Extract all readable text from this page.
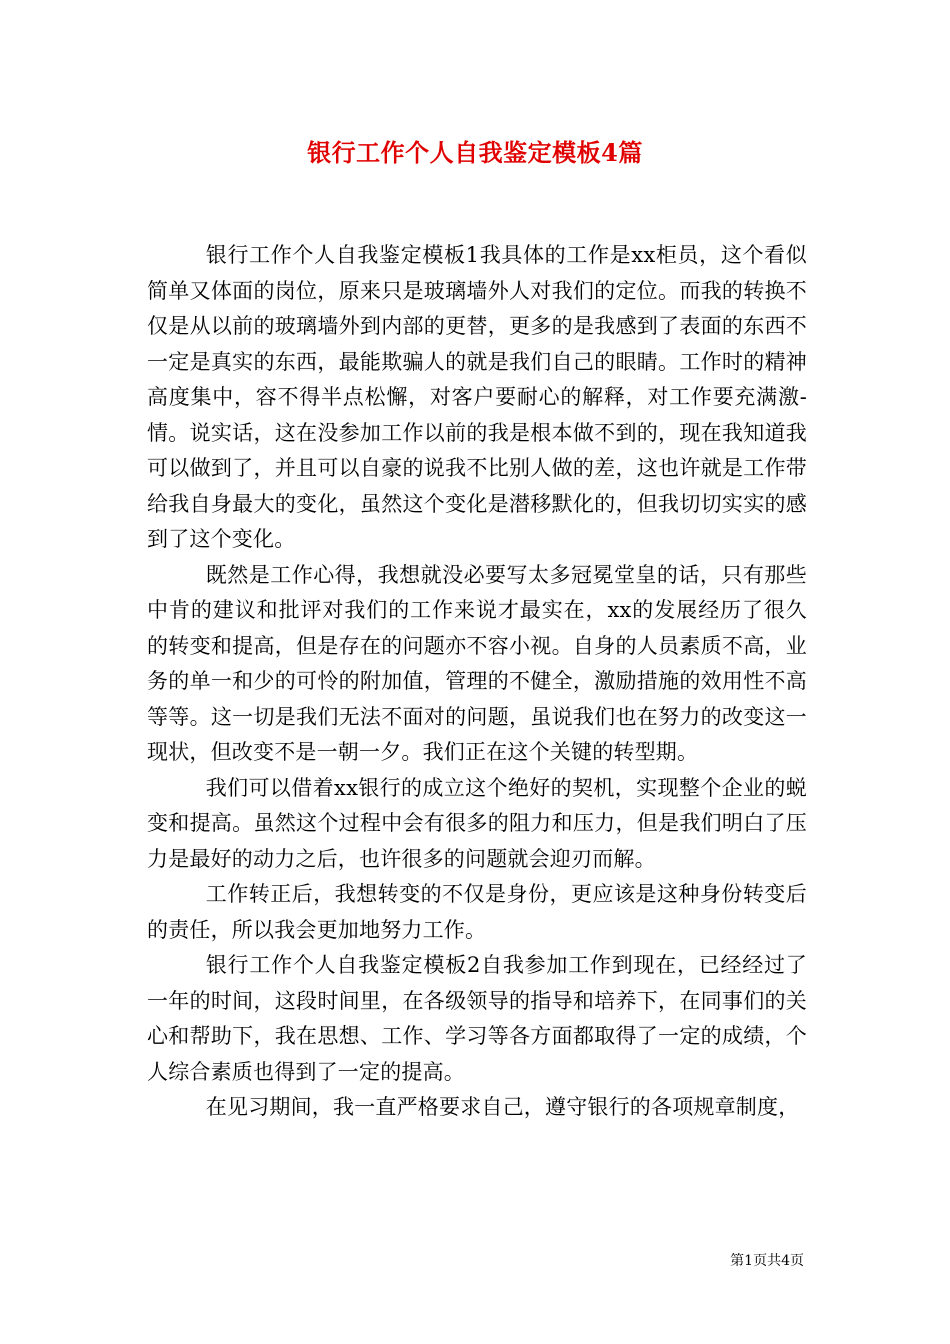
银行工作个人自我鉴定模板4篇

银行工作个人自我鉴定模板1我具体的工作是xx柜员，这个看似简单又体面的岗位，原来只是玻璃墙外人对我们的定位。而我的转换不仅是从以前的玻璃墙外到内部的更替，更多的是我感到了表面的东西不一定是真实的东西，最能欺骗人的就是我们自己的眼睛。工作时的精神高度集中，容不得半点松懈，对客户要耐心的解释，对工作要充满激-情。说实话，这在没参加工作以前的我是根本做不到的，现在我知道我可以做到了，并且可以自豪的说我不比别人做的差，这也许就是工作带给我自身最大的变化，虽然这个变化是潜移默化的，但我切切实实的感到了这个变化。

既然是工作心得，我想就没必要写太多冠冕堂皇的话，只有那些中肯的建议和批评对我们的工作来说才最实在，xx的发展经历了很久的转变和提高，但是存在的问题亦不容小视。自身的人员素质不高，业务的单一和少的可怜的附加值，管理的不健全，激励措施的效用性不高等等。这一切是我们无法不面对的问题，虽说我们也在努力的改变这一现状，但改变不是一朝一夕。我们正在这个关键的转型期。

我们可以借着xx银行的成立这个绝好的契机，实现整个企业的蜕变和提高。虽然这个过程中会有很多的阻力和压力，但是我们明白了压力是最好的动力之后，也许很多的问题就会迎刃而解。

工作转正后，我想转变的不仅是身份，更应该是这种身份转变后的责任，所以我会更加地努力工作。

银行工作个人自我鉴定模板2自我参加工作到现在，已经经过了一年的时间，这段时间里，在各级领导的指导和培养下，在同事们的关心和帮助下，我在思想、工作、学习等各方面都取得了一定的成绩，个人综合素质也得到了一定的提高。

在见习期间，我一直严格要求自己，遵守银行的各项规章制度，

第1页共4页
